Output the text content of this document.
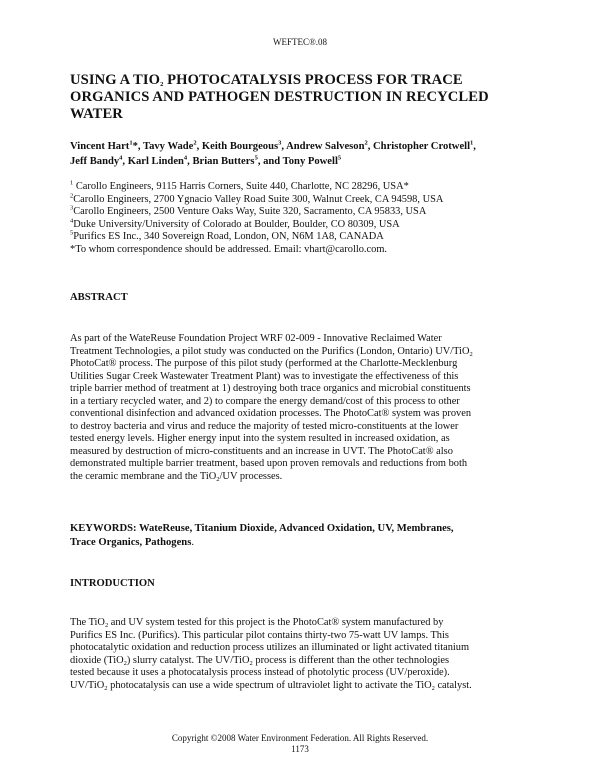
WEFTEC®.08
USING A $TIO_2$ PHOTOCATALYSIS PROCESS FOR TRACE
ORGANICS AND PATHOGEN DESTRUCTION IN RECYCLED
WATER
Vincent Hart$^1$*, Tavy Wade$^2$, Keith Bourgeous$^3$, Andrew Salveson$^2$, Christopher Crotwell$^1$,
Jeff Bandy$^4$, Karl Linden$^4$, Brian Butters$^5$, and Tony Powell$^5$
$^1$ Carollo Engineers, 9115 Harris Corners, Suite 440, Charlotte, NC 28296, USA*
$^2$Carollo Engineers, 2700 Ygnacio Valley Road Suite 300, Walnut Creek, CA 94598, USA
$^3$Carollo Engineers, 2500 Venture Oaks Way, Suite 320, Sacramento, CA 95833, USA
$^4$Duke University/University of Colorado at Boulder, Boulder, CO 80309, USA
$^5$Purifics ES Inc., 340 Sovereign Road, London, ON, N6M 1A8, CANADA
*To whom correspondence should be addressed. Email: vhart@carollo.com.
ABSTRACT
As part of the WateReuse Foundation Project WRF 02-009 - Innovative Reclaimed Water
Treatment Technologies, a pilot study was conducted on the Purifics (London, Ontario) UV/TiO$_2$
PhotoCat® process. The purpose of this pilot study (performed at the Charlotte-Mecklenburg
Utilities Sugar Creek Wastewater Treatment Plant) was to investigate the effectiveness of this
triple barrier method of treatment at 1) destroying both trace organics and microbial constituents
in a tertiary recycled water, and 2) to compare the energy demand/cost of this process to other
conventional disinfection and advanced oxidation processes. The PhotoCat® system was proven
to destroy bacteria and virus and reduce the majority of tested micro-constituents at the lower
tested energy levels. Higher energy input into the system resulted in increased oxidation, as
measured by destruction of micro-constituents and an increase in UVT. The PhotoCat® also
demonstrated multiple barrier treatment, based upon proven removals and reductions from both
the ceramic membrane and the TiO$_2$/UV processes.
KEYWORDS: WateReuse, Titanium Dioxide, Advanced Oxidation, UV, Membranes,
Trace Organics, Pathogens.
INTRODUCTION
The TiO$_2$ and UV system tested for this project is the PhotoCat® system manufactured by
Purifics ES Inc. (Purifics). This particular pilot contains thirty-two 75-watt UV lamps. This
photocatalytic oxidation and reduction process utilizes an illuminated or light activated titanium
dioxide (TiO$_2$) slurry catalyst. The UV/TiO$_2$ process is different than the other technologies
tested because it uses a photocatalysis process instead of photolytic process (UV/peroxide).
UV/TiO$_2$ photocatalysis can use a wide spectrum of ultraviolet light to activate the TiO$_2$ catalyst.
Copyright ©2008 Water Environment Federation. All Rights Reserved.
1173
